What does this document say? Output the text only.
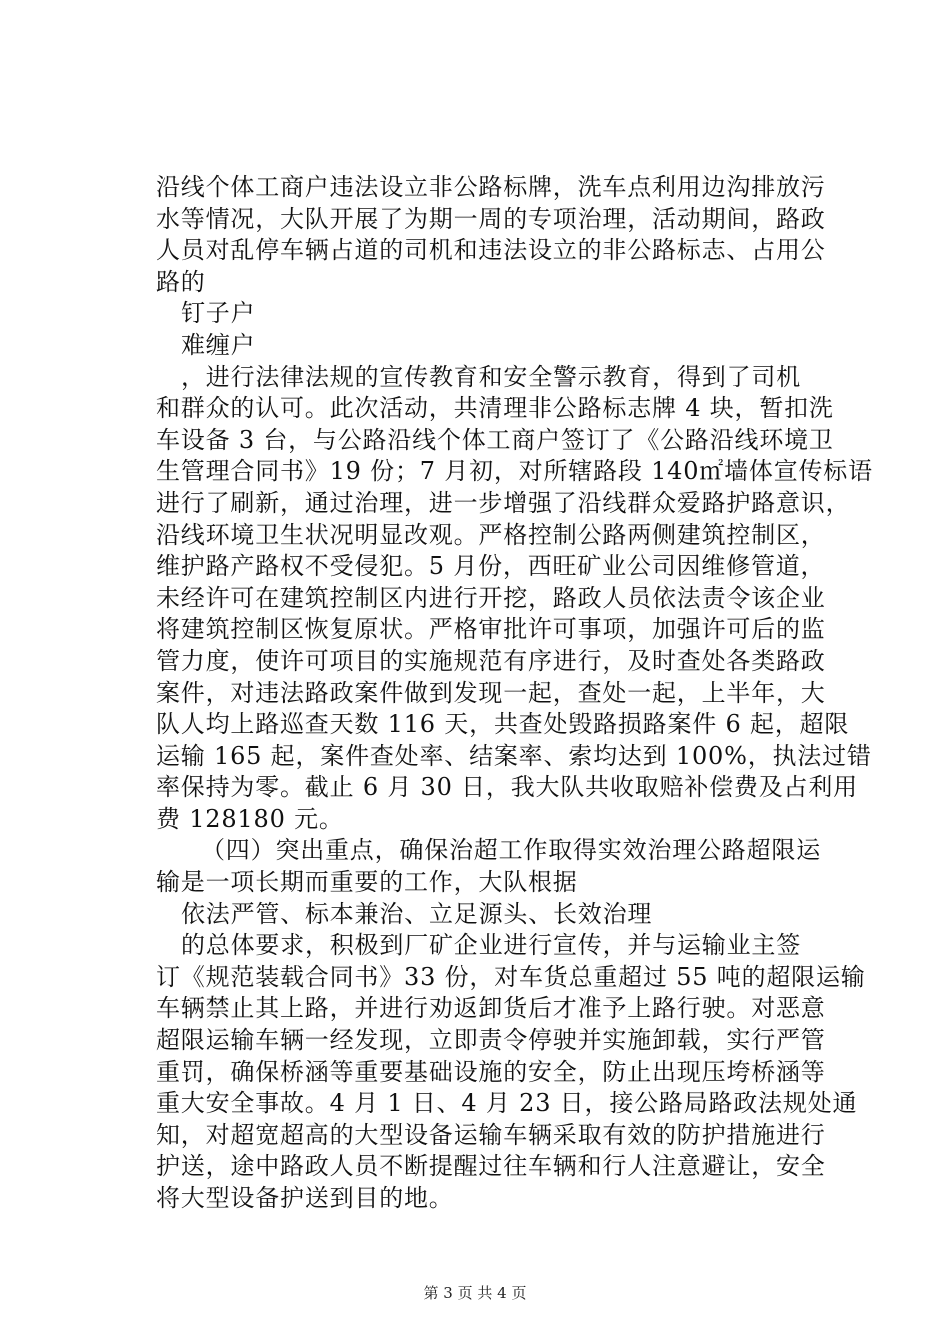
沿线个体工商户违法设立非公路标牌，洗车点利用边沟排放污
水等情况，大队开展了为期一周的专项治理，活动期间，路政
人员对乱停车辆占道的司机和违法设立的非公路标志、占用公
路的
钉子户
难缠户
，进行法律法规的宣传教育和安全警示教育，得到了司机
和群众的认可。此次活动，共清理非公路标志牌 4 块，暂扣洗
车设备 3 台，与公路沿线个体工商户签订了《公路沿线环境卫
生管理合同书》19 份；7 月初，对所辖路段 140㎡墙体宣传标语
进行了刷新，通过治理，进一步增强了沿线群众爱路护路意识，
沿线环境卫生状况明显改观。严格控制公路两侧建筑控制区，
维护路产路权不受侵犯。5 月份，西旺矿业公司因维修管道，
未经许可在建筑控制区内进行开挖，路政人员依法责令该企业
将建筑控制区恢复原状。严格审批许可事项，加强许可后的监
管力度，使许可项目的实施规范有序进行，及时查处各类路政
案件，对违法路政案件做到发现一起，查处一起，上半年，大
队人均上路巡查天数 116 天，共查处毁路损路案件 6 起，超限
运输 165 起，案件查处率、结案率、索均达到 100%，执法过错
率保持为零。截止 6 月 30 日，我大队共收取赔补偿费及占利用
费 128180 元。
（四）突出重点，确保治超工作取得实效治理公路超限运
输是一项长期而重要的工作，大队根据
依法严管、标本兼治、立足源头、长效治理
的总体要求，积极到厂矿企业进行宣传，并与运输业主签
订《规范装载合同书》33 份，对车货总重超过 55 吨的超限运输
车辆禁止其上路，并进行劝返卸货后才准予上路行驶。对恶意
超限运输车辆一经发现，立即责令停驶并实施卸载，实行严管
重罚，确保桥涵等重要基础设施的安全，防止出现压垮桥涵等
重大安全事故。4 月 1 日、4 月 23 日，接公路局路政法规处通
知，对超宽超高的大型设备运输车辆采取有效的防护措施进行
护送，途中路政人员不断提醒过往车辆和行人注意避让，安全
将大型设备护送到目的地。
第 3 页 共 4 页
